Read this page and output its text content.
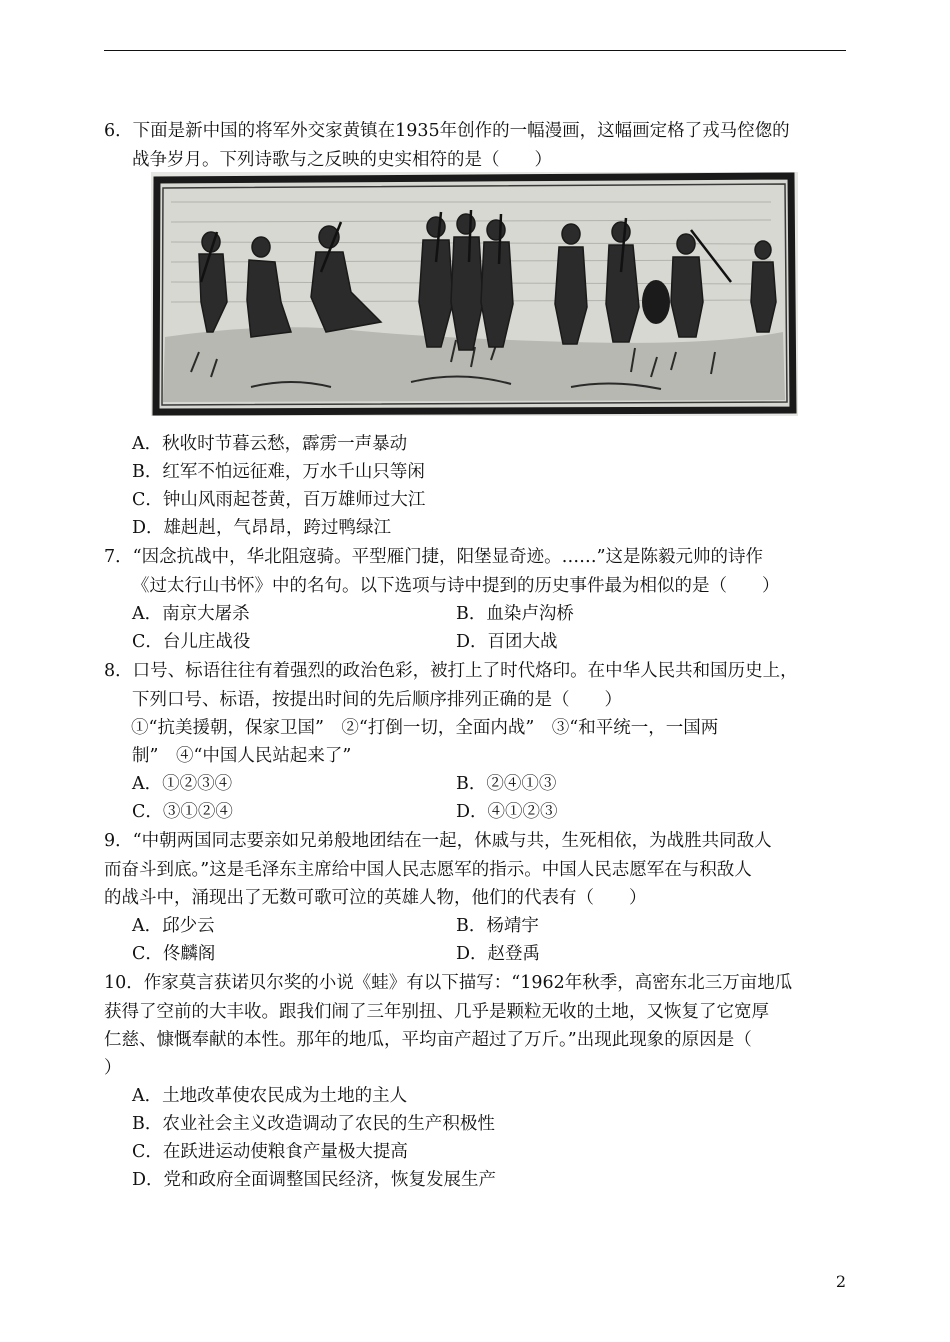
6．下面是新中国的将军外交家黄镇在1935年创作的一幅漫画，这幅画定格了戎马倥偬的
战争岁月。下列诗歌与之反映的史实相符的是（　　）
A．秋收时节暮云愁，霹雳一声暴动
B．红军不怕远征难，万水千山只等闲
C．钟山风雨起苍黄，百万雄师过大江
D．雄赳赳，气昂昂，跨过鸭绿江
7．“因念抗战中，华北阻寇骑。平型雁门捷，阳堡显奇迹。……”这是陈毅元帅的诗作
《过太行山书怀》中的名句。以下选项与诗中提到的历史事件最为相似的是（　　）
A．南京大屠杀	B．血染卢沟桥
C．台儿庄战役	D．百团大战
8．口号、标语往往有着强烈的政治色彩，被打上了时代烙印。在中华人民共和国历史上，
下列口号、标语，按提出时间的先后顺序排列正确的是（　　）
①“抗美援朝，保家卫国”　②“打倒一切，全面内战”　③“和平统一，一国两
制”　④“中国人民站起来了”
A．①②③④	B．②④①③
C．③①②④	D．④①②③
9．“中朝两国同志要亲如兄弟般地团结在一起，休戚与共，生死相依，为战胜共同敌人
而奋斗到底。”这是毛泽东主席给中国人民志愿军的指示。中国人民志愿军在与积敌人
的战斗中，涌现出了无数可歌可泣的英雄人物，他们的代表有（　　）
A．邱少云	B．杨靖宇
C．佟麟阁	D．赵登禹
10．作家莫言获诺贝尔奖的小说《蛙》有以下描写：“1962年秋季，高密东北三万亩地瓜
获得了空前的大丰收。跟我们闹了三年别扭、几乎是颗粒无收的土地，又恢复了它宽厚
仁慈、慷慨奉献的本性。那年的地瓜，平均亩产超过了万斤。”出现此现象的原因是（
）
A．土地改革使农民成为土地的主人
B．农业社会主义改造调动了农民的生产积极性
C．在跃进运动使粮食产量极大提高
D．党和政府全面调整国民经济，恢复发展生产
2
